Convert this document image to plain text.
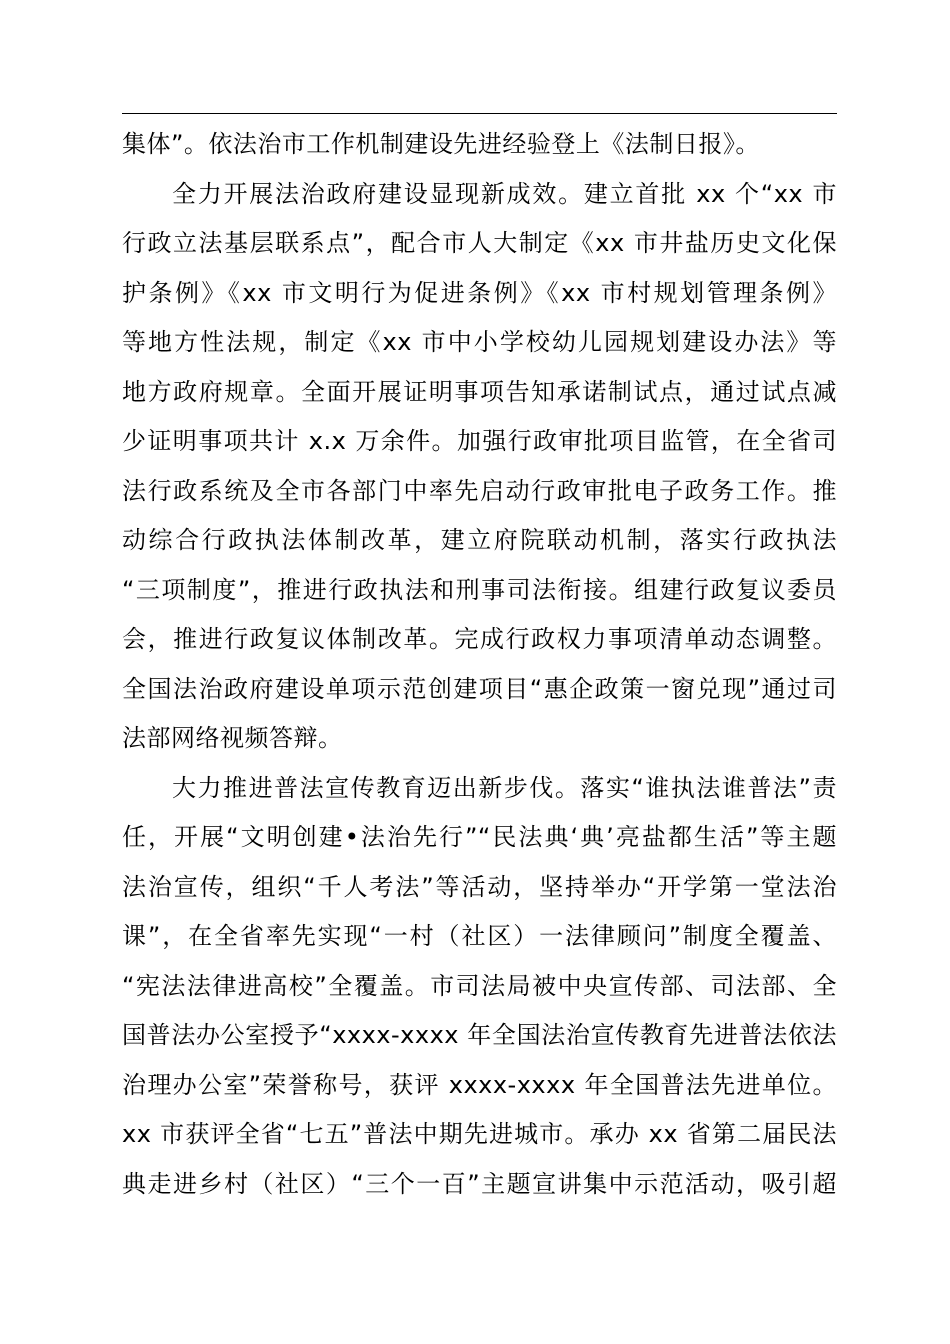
集体”。依法治市工作机制建设先进经验登上《法制日报》。
全力开展法治政府建设显现新成效。建立首批 xx 个“xx 市
行政立法基层联系点”，配合市人大制定《xx 市井盐历史文化保
护条例》《xx 市文明行为促进条例》《xx 市村规划管理条例》
等地方性法规，制定《xx 市中小学校幼儿园规划建设办法》等
地方政府规章。全面开展证明事项告知承诺制试点，通过试点减
少证明事项共计 x.x 万余件。加强行政审批项目监管，在全省司
法行政系统及全市各部门中率先启动行政审批电子政务工作。推
动综合行政执法体制改革，建立府院联动机制，落实行政执法
“三项制度”，推进行政执法和刑事司法衔接。组建行政复议委员
会，推进行政复议体制改革。完成行政权力事项清单动态调整。
全国法治政府建设单项示范创建项目“惠企政策一窗兑现”通过司
法部网络视频答辩。
大力推进普法宣传教育迈出新步伐。落实“谁执法谁普法”责
任，开展“文明创建•法治先行”“民法典‘典’亮盐都生活”等主题
法治宣传，组织“千人考法”等活动，坚持举办“开学第一堂法治
课”，在全省率先实现“一村（社区）一法律顾问”制度全覆盖、
“宪法法律进高校”全覆盖。市司法局被中央宣传部、司法部、全
国普法办公室授予“xxxx-xxxx 年全国法治宣传教育先进普法依法
治理办公室”荣誉称号，获评 xxxx-xxxx 年全国普法先进单位。
xx 市获评全省“七五”普法中期先进城市。承办 xx 省第二届民法
典走进乡村（社区）“三个一百”主题宣讲集中示范活动，吸引超
